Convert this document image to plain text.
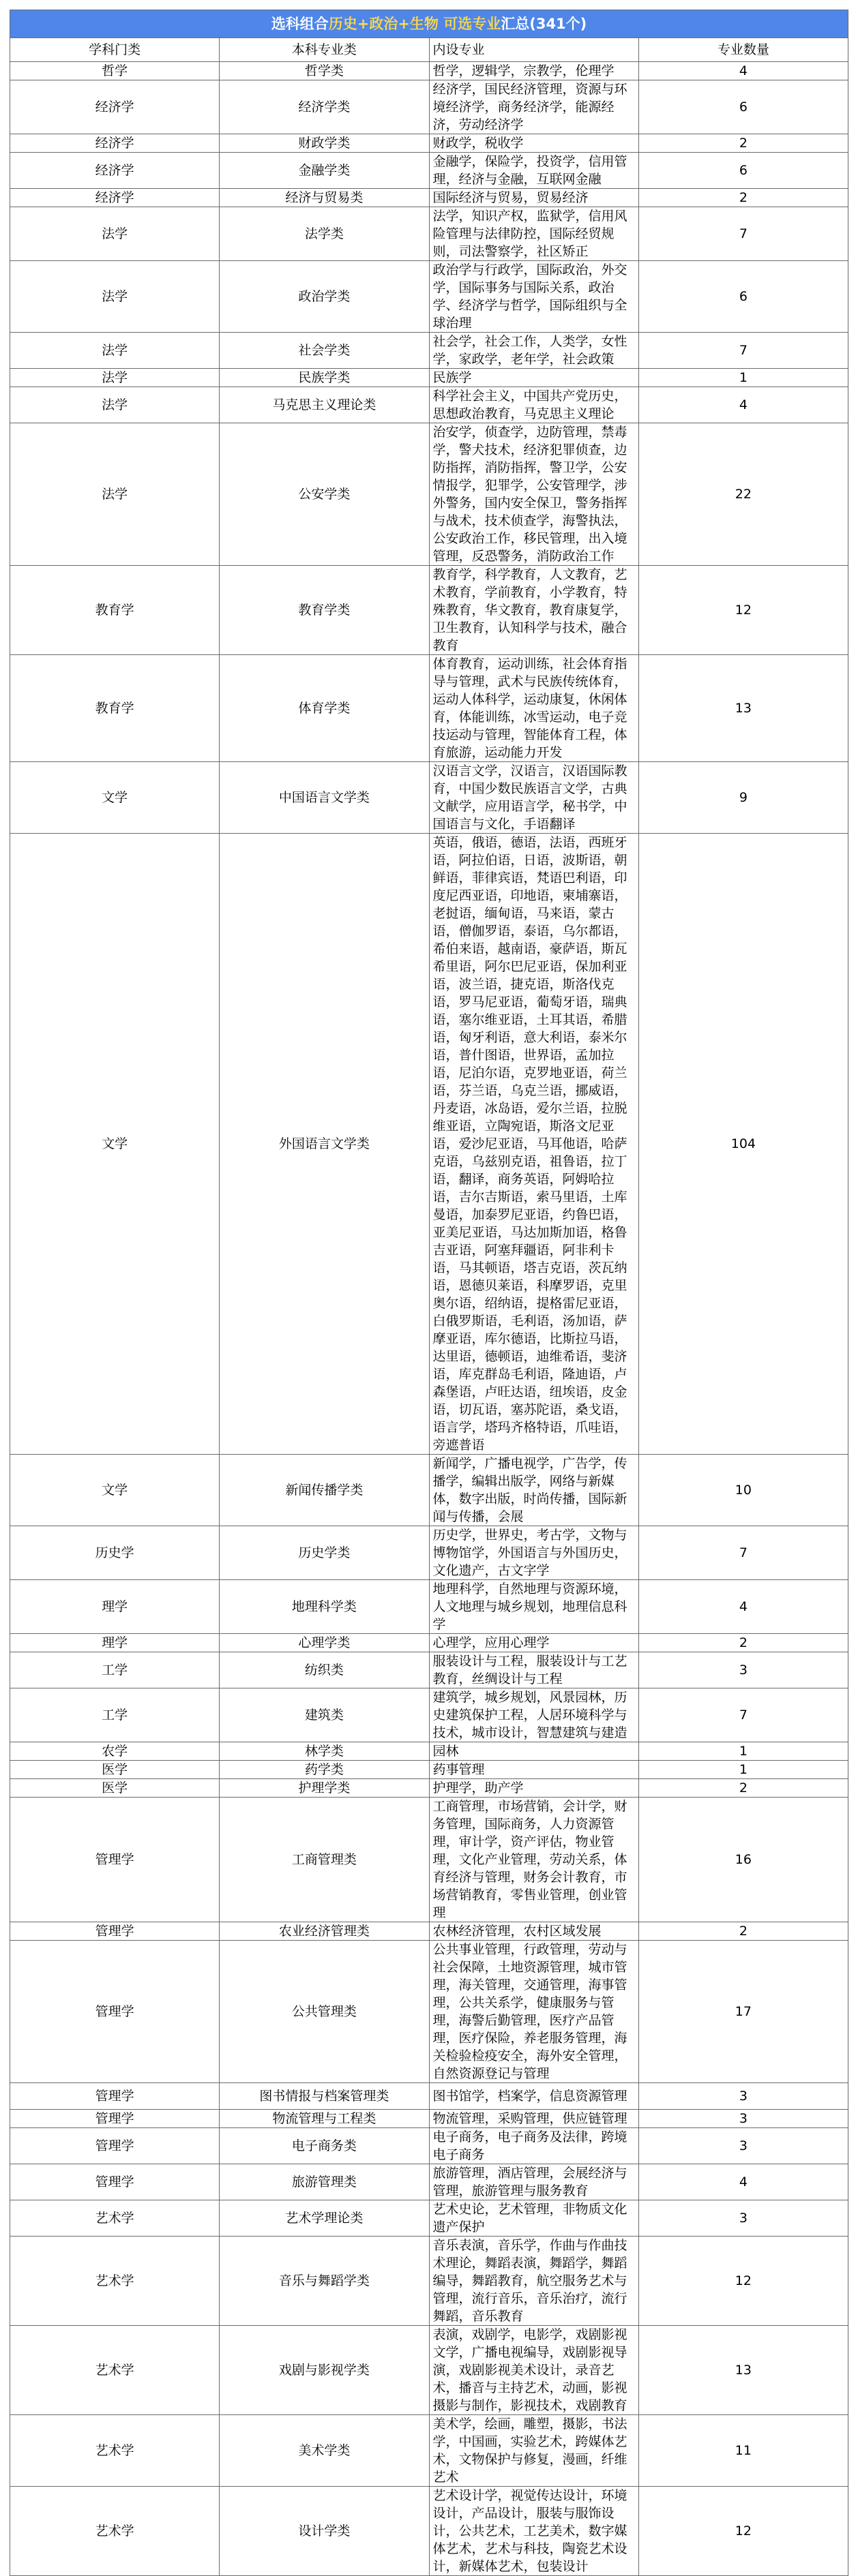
选科组合历史+政治+生物 可选专业汇总(341个)			
学科门类	本科专业类	内设专业	专业数量
哲学	哲学类	哲学，逻辑学，宗教学，伦理学	4
经济学	经济学类	经济学，国民经济管理，资源与环境经济学，商务经济学，能源经济，劳动经济学	6
经济学	财政学类	财政学，税收学	2
经济学	金融学类	金融学，保险学，投资学，信用管理，经济与金融，互联网金融	6
经济学	经济与贸易类	国际经济与贸易，贸易经济	2
法学	法学类	法学，知识产权，监狱学，信用风险管理与法律防控，国际经贸规则，司法警察学，社区矫正	7
法学	政治学类	政治学与行政学，国际政治，外交学，国际事务与国际关系，政治学、经济学与哲学，国际组织与全球治理	6
法学	社会学类	社会学，社会工作，人类学，女性学，家政学，老年学，社会政策	7
法学	民族学类	民族学	1
法学	马克思主义理论类	科学社会主义，中国共产党历史，思想政治教育，马克思主义理论	4
法学	公安学类	治安学，侦查学，边防管理，禁毒学，警犬技术，经济犯罪侦查，边防指挥，消防指挥，警卫学，公安情报学，犯罪学，公安管理学，涉外警务，国内安全保卫，警务指挥与战术，技术侦查学，海警执法，公安政治工作，移民管理，出入境管理，反恐警务，消防政治工作	22
教育学	教育学类	教育学，科学教育，人文教育，艺术教育，学前教育，小学教育，特殊教育，华文教育，教育康复学，卫生教育，认知科学与技术，融合教育	12
教育学	体育学类	体育教育，运动训练，社会体育指导与管理，武术与民族传统体育，运动人体科学，运动康复，休闲体育，体能训练，冰雪运动，电子竞技运动与管理，智能体育工程，体育旅游，运动能力开发	13
文学	中国语言文学类	汉语言文学，汉语言，汉语国际教育，中国少数民族语言文学，古典文献学，应用语言学，秘书学，中国语言与文化，手语翻译	9
文学	外国语言文学类	英语，俄语，德语，法语，西班牙语，阿拉伯语，日语，波斯语，朝鲜语，菲律宾语，梵语巴利语，印度尼西亚语，印地语，柬埔寨语，老挝语，缅甸语，马来语，蒙古语，僧伽罗语，泰语，乌尔都语，希伯来语，越南语，豪萨语，斯瓦希里语，阿尔巴尼亚语，保加利亚语，波兰语，捷克语，斯洛伐克语，罗马尼亚语，葡萄牙语，瑞典语，塞尔维亚语，土耳其语，希腊语，匈牙利语，意大利语，泰米尔语，普什图语，世界语，孟加拉语，尼泊尔语，克罗地亚语，荷兰语，芬兰语，乌克兰语，挪威语，丹麦语，冰岛语，爱尔兰语，拉脱维亚语，立陶宛语，斯洛文尼亚语，爱沙尼亚语，马耳他语，哈萨克语，乌兹别克语，祖鲁语，拉丁语，翻译，商务英语，阿姆哈拉语，吉尔吉斯语，索马里语，土库曼语，加泰罗尼亚语，约鲁巴语，亚美尼亚语，马达加斯加语，格鲁吉亚语，阿塞拜疆语，阿非利卡语，马其顿语，塔吉克语，茨瓦纳语，恩德贝莱语，科摩罗语，克里奥尔语，绍纳语，提格雷尼亚语，白俄罗斯语，毛利语，汤加语，萨摩亚语，库尔德语，比斯拉马语，达里语，德顿语，迪维希语，斐济语，库克群岛毛利语，隆迪语，卢森堡语，卢旺达语，纽埃语，皮金语，切瓦语，塞苏陀语，桑戈语，语言学，塔玛齐格特语，爪哇语，旁遮普语	104
文学	新闻传播学类	新闻学，广播电视学，广告学，传播学，编辑出版学，网络与新媒体，数字出版，时尚传播，国际新闻与传播，会展	10
历史学	历史学类	历史学，世界史，考古学，文物与博物馆学，外国语言与外国历史，文化遗产，古文字学	7
理学	地理科学类	地理科学，自然地理与资源环境，人文地理与城乡规划，地理信息科学	4
理学	心理学类	心理学，应用心理学	2
工学	纺织类	服装设计与工程，服装设计与工艺教育，丝绸设计与工程	3
工学	建筑类	建筑学，城乡规划，风景园林，历史建筑保护工程，人居环境科学与技术，城市设计，智慧建筑与建造	7
农学	林学类	园林	1
医学	药学类	药事管理	1
医学	护理学类	护理学，助产学	2
管理学	工商管理类	工商管理，市场营销，会计学，财务管理，国际商务，人力资源管理，审计学，资产评估，物业管理，文化产业管理，劳动关系，体育经济与管理，财务会计教育，市场营销教育，零售业管理，创业管理	16
管理学	农业经济管理类	农林经济管理，农村区域发展	2
管理学	公共管理类	公共事业管理，行政管理，劳动与社会保障，土地资源管理，城市管理，海关管理，交通管理，海事管理，公共关系学，健康服务与管理，海警后勤管理，医疗产品管理，医疗保险，养老服务管理，海关检验检疫安全，海外安全管理，自然资源登记与管理	17
管理学	图书情报与档案管理类	图书馆学，档案学，信息资源管理	3
管理学	物流管理与工程类	物流管理，采购管理，供应链管理	3
管理学	电子商务类	电子商务，电子商务及法律，跨境电子商务	3
管理学	旅游管理类	旅游管理，酒店管理，会展经济与管理，旅游管理与服务教育	4
艺术学	艺术学理论类	艺术史论，艺术管理，非物质文化遗产保护	3
艺术学	音乐与舞蹈学类	音乐表演，音乐学，作曲与作曲技术理论，舞蹈表演，舞蹈学，舞蹈编导，舞蹈教育，航空服务艺术与管理，流行音乐，音乐治疗，流行舞蹈，音乐教育	12
艺术学	戏剧与影视学类	表演，戏剧学，电影学，戏剧影视文学，广播电视编导，戏剧影视导演，戏剧影视美术设计，录音艺术，播音与主持艺术，动画，影视摄影与制作，影视技术，戏剧教育	13
艺术学	美术学类	美术学，绘画，雕塑，摄影，书法学，中国画，实验艺术，跨媒体艺术，文物保护与修复，漫画，纤维艺术	11
艺术学	设计学类	艺术设计学，视觉传达设计，环境设计，产品设计，服装与服饰设计，公共艺术，工艺美术，数字媒体艺术，艺术与科技，陶瓷艺术设计，新媒体艺术，包装设计	12
